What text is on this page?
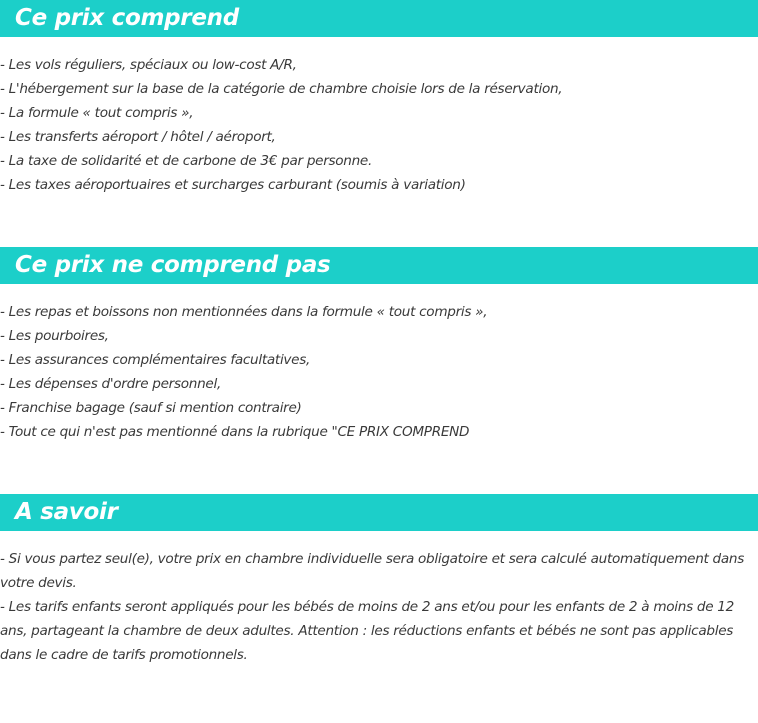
Ce prix comprend
- Les vols réguliers, spéciaux ou low-cost A/R,
- L'hébergement sur la base de la catégorie de chambre choisie lors de la réservation,
- La formule « tout compris »,
- Les transferts aéroport / hôtel / aéroport,
- La taxe de solidarité et de carbone de 3€ par personne.
- Les taxes aéroportuaires et surcharges carburant (soumis à variation)
Ce prix ne comprend pas
- Les repas et boissons non mentionnées dans la formule « tout compris »,
- Les pourboires,
- Les assurances complémentaires facultatives,
- Les dépenses d'ordre personnel,
- Franchise bagage (sauf si mention contraire)
- Tout ce qui n'est pas mentionné dans la rubrique "CE PRIX COMPREND
A savoir
- Si vous partez seul(e), votre prix en chambre individuelle sera obligatoire et sera calculé automatiquement dans votre devis.
- Les tarifs enfants seront appliqués pour les bébés de moins de 2 ans et/ou pour les enfants de 2 à moins de 12 ans, partageant la chambre de deux adultes. Attention : les réductions enfants et bébés ne sont pas applicables dans le cadre de tarifs promotionnels.
